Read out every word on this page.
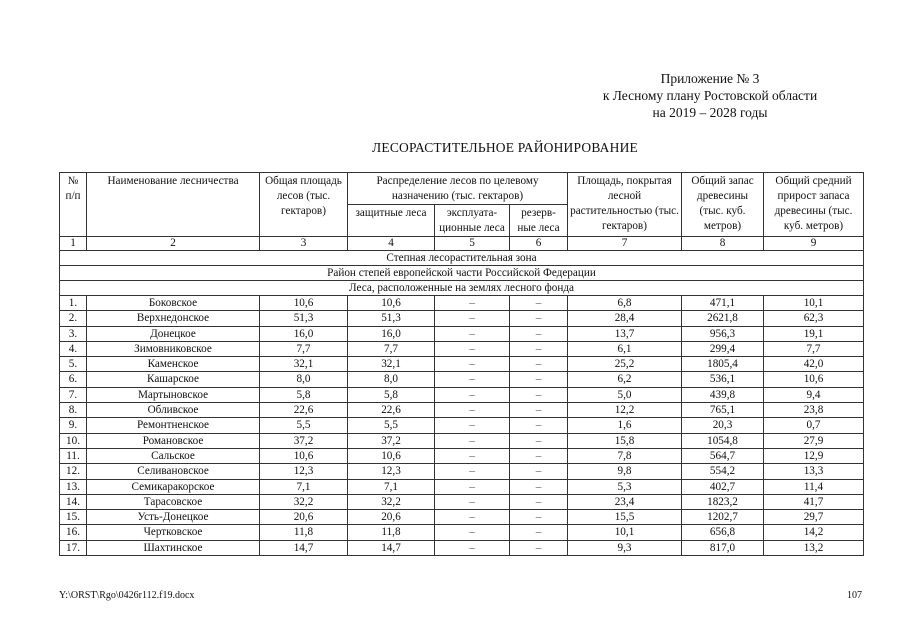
Приложение № 3
к Лесному плану Ростовской области
на 2019 – 2028 годы
ЛЕСОРАСТИТЕЛЬНОЕ РАЙОНИРОВАНИЕ
№ п/п	Наименование лесничества	Общая площадь лесов (тыс. гектаров)	Распределение лесов по целевому назначению (тыс. гектаров)			Площадь, покрытая лесной растительностью (тыс. гектаров)	Общий запас древесины (тыс. куб. метров)	Общий средний прирост запаса древесины (тыс. куб. метров)
			защитные леса	эксплуата-ционные леса	резерв-ные леса			
1	2	3	4	5	6	7	8	9
Степная лесорастительная зона								
Район степей европейской части Российской Федерации								
Леса, расположенные на землях лесного фонда								
1.	Боковское	10,6	10,6	–	–	6,8	471,1	10,1
2.	Верхнедонское	51,3	51,3	–	–	28,4	2621,8	62,3
3.	Донецкое	16,0	16,0	–	–	13,7	956,3	19,1
4.	Зимовниковское	7,7	7,7	–	–	6,1	299,4	7,7
5.	Каменское	32,1	32,1	–	–	25,2	1805,4	42,0
6.	Кашарское	8,0	8,0	–	–	6,2	536,1	10,6
7.	Мартыновское	5,8	5,8	–	–	5,0	439,8	9,4
8.	Обливское	22,6	22,6	–	–	12,2	765,1	23,8
9.	Ремонтненское	5,5	5,5	–	–	1,6	20,3	0,7
10.	Романовское	37,2	37,2	–	–	15,8	1054,8	27,9
11.	Сальское	10,6	10,6	–	–	7,8	564,7	12,9
12.	Селивановское	12,3	12,3	–	–	9,8	554,2	13,3
13.	Семикаракорское	7,1	7,1	–	–	5,3	402,7	11,4
14.	Тарасовское	32,2	32,2	–	–	23,4	1823,2	41,7
15.	Усть-Донецкое	20,6	20,6	–	–	15,5	1202,7	29,7
16.	Чертковское	11,8	11,8	–	–	10,1	656,8	14,2
17.	Шахтинское	14,7	14,7	–	–	9,3	817,0	13,2
Y:\ORST\Rgo\0426r112.f19.docx	107
